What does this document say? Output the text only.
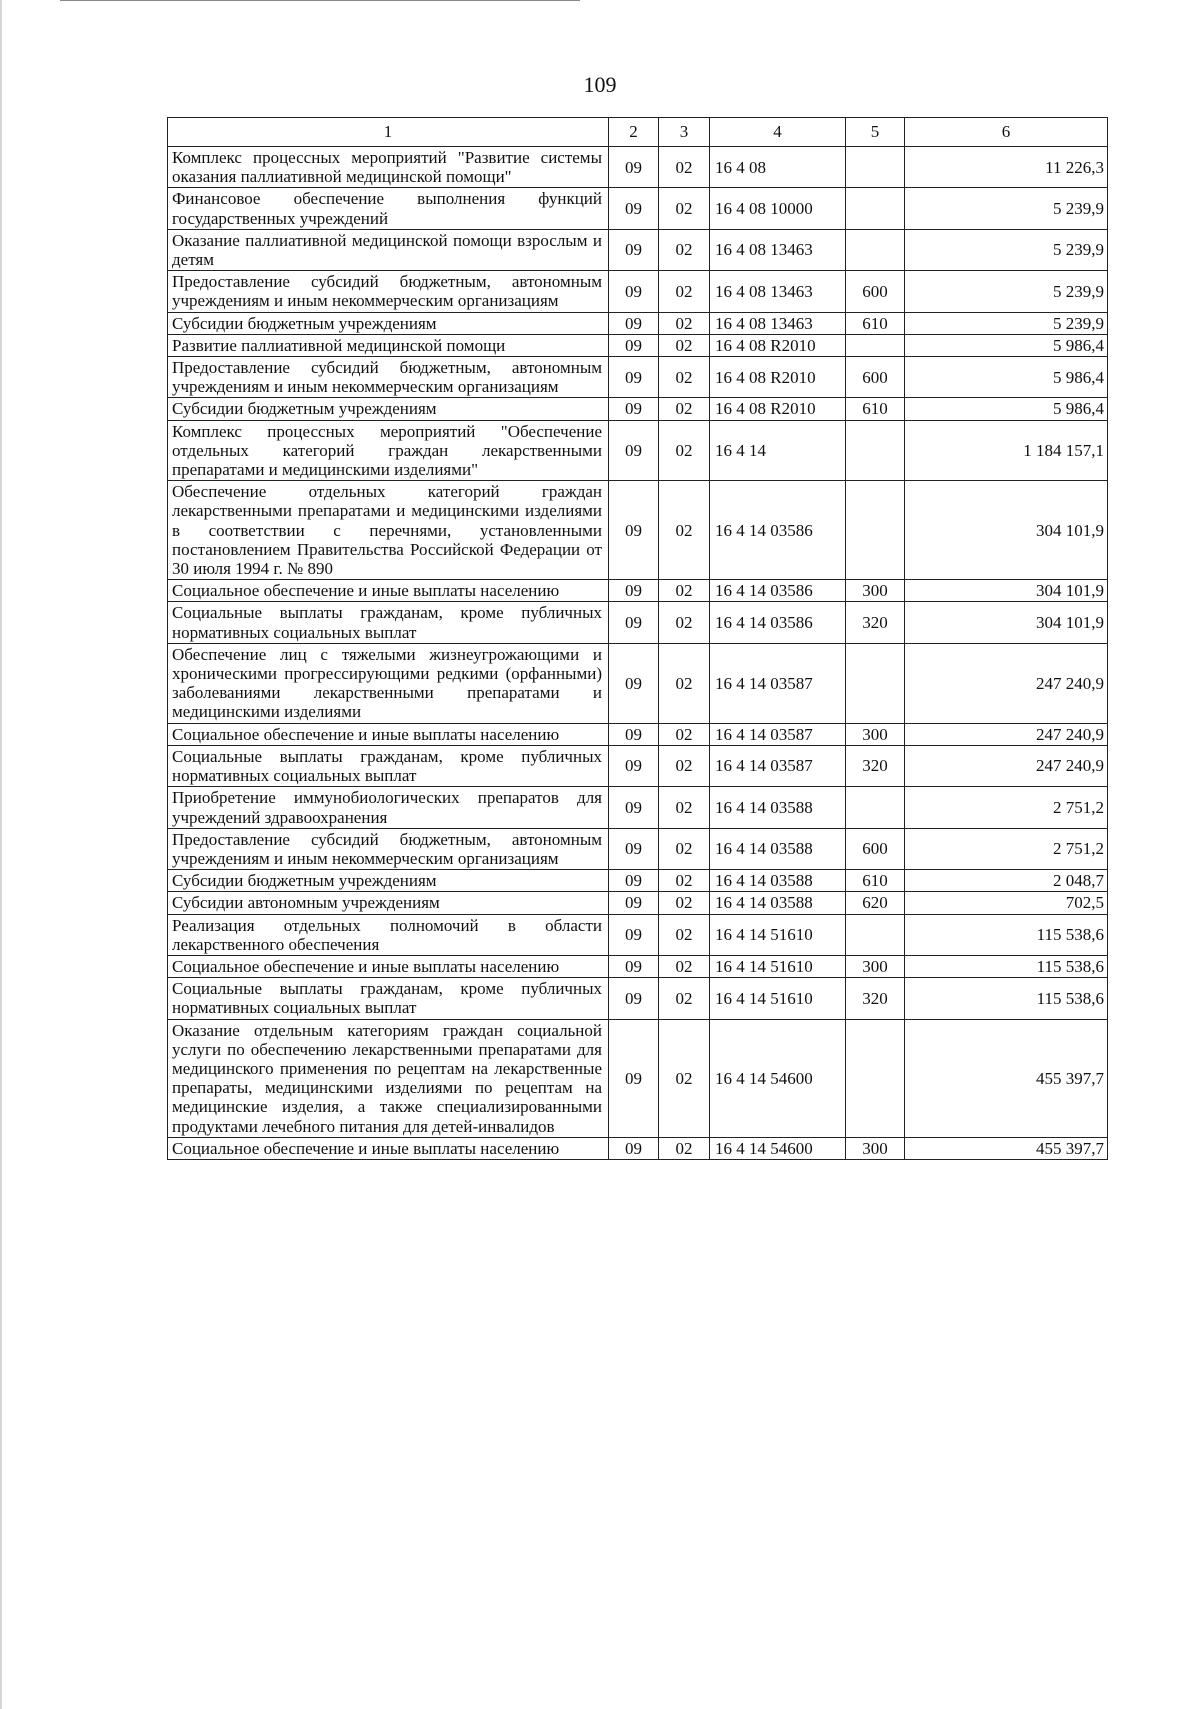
109
1	2	3	4	5	6
Комплекс процессных мероприятий "Развитие системы оказания паллиативной медицинской помощи"	09	02	16 4 08		11 226,3
Финансовое обеспечение выполнения функций государственных учреждений	09	02	16 4 08 10000		5 239,9
Оказание паллиативной медицинской помощи взрослым и детям	09	02	16 4 08 13463		5 239,9
Предоставление субсидий бюджетным, автономным учреждениям и иным некоммерческим организациям	09	02	16 4 08 13463	600	5 239,9
Субсидии бюджетным учреждениям	09	02	16 4 08 13463	610	5 239,9
Развитие паллиативной медицинской помощи	09	02	16 4 08 R2010		5 986,4
Предоставление субсидий бюджетным, автономным учреждениям и иным некоммерческим организациям	09	02	16 4 08 R2010	600	5 986,4
Субсидии бюджетным учреждениям	09	02	16 4 08 R2010	610	5 986,4
Комплекс процессных мероприятий "Обеспечение отдельных категорий граждан лекарственными препаратами и медицинскими изделиями"	09	02	16 4 14		1 184 157,1
Обеспечение отдельных категорий граждан лекарственными препаратами и медицинскими изделиями в соответствии с перечнями, установленными постановлением Правительства Российской Федерации от 30 июля 1994 г. № 890	09	02	16 4 14 03586		304 101,9
Социальное обеспечение и иные выплаты населению	09	02	16 4 14 03586	300	304 101,9
Социальные выплаты гражданам, кроме публичных нормативных социальных выплат	09	02	16 4 14 03586	320	304 101,9
Обеспечение лиц с тяжелыми жизнеугрожающими и хроническими прогрессирующими редкими (орфанными) заболеваниями лекарственными препаратами и медицинскими изделиями	09	02	16 4 14 03587		247 240,9
Социальное обеспечение и иные выплаты населению	09	02	16 4 14 03587	300	247 240,9
Социальные выплаты гражданам, кроме публичных нормативных социальных выплат	09	02	16 4 14 03587	320	247 240,9
Приобретение иммунобиологических препаратов для учреждений здравоохранения	09	02	16 4 14 03588		2 751,2
Предоставление субсидий бюджетным, автономным учреждениям и иным некоммерческим организациям	09	02	16 4 14 03588	600	2 751,2
Субсидии бюджетным учреждениям	09	02	16 4 14 03588	610	2 048,7
Субсидии автономным учреждениям	09	02	16 4 14 03588	620	702,5
Реализация отдельных полномочий в области лекарственного обеспечения	09	02	16 4 14 51610		115 538,6
Социальное обеспечение и иные выплаты населению	09	02	16 4 14 51610	300	115 538,6
Социальные выплаты гражданам, кроме публичных нормативных социальных выплат	09	02	16 4 14 51610	320	115 538,6
Оказание отдельным категориям граждан социальной услуги по обеспечению лекарственными препаратами для медицинского применения по рецептам на лекарственные препараты, медицинскими изделиями по рецептам на медицинские изделия, а также специализированными продуктами лечебного питания для детей-инвалидов	09	02	16 4 14 54600		455 397,7
Социальное обеспечение и иные выплаты населению	09	02	16 4 14 54600	300	455 397,7
